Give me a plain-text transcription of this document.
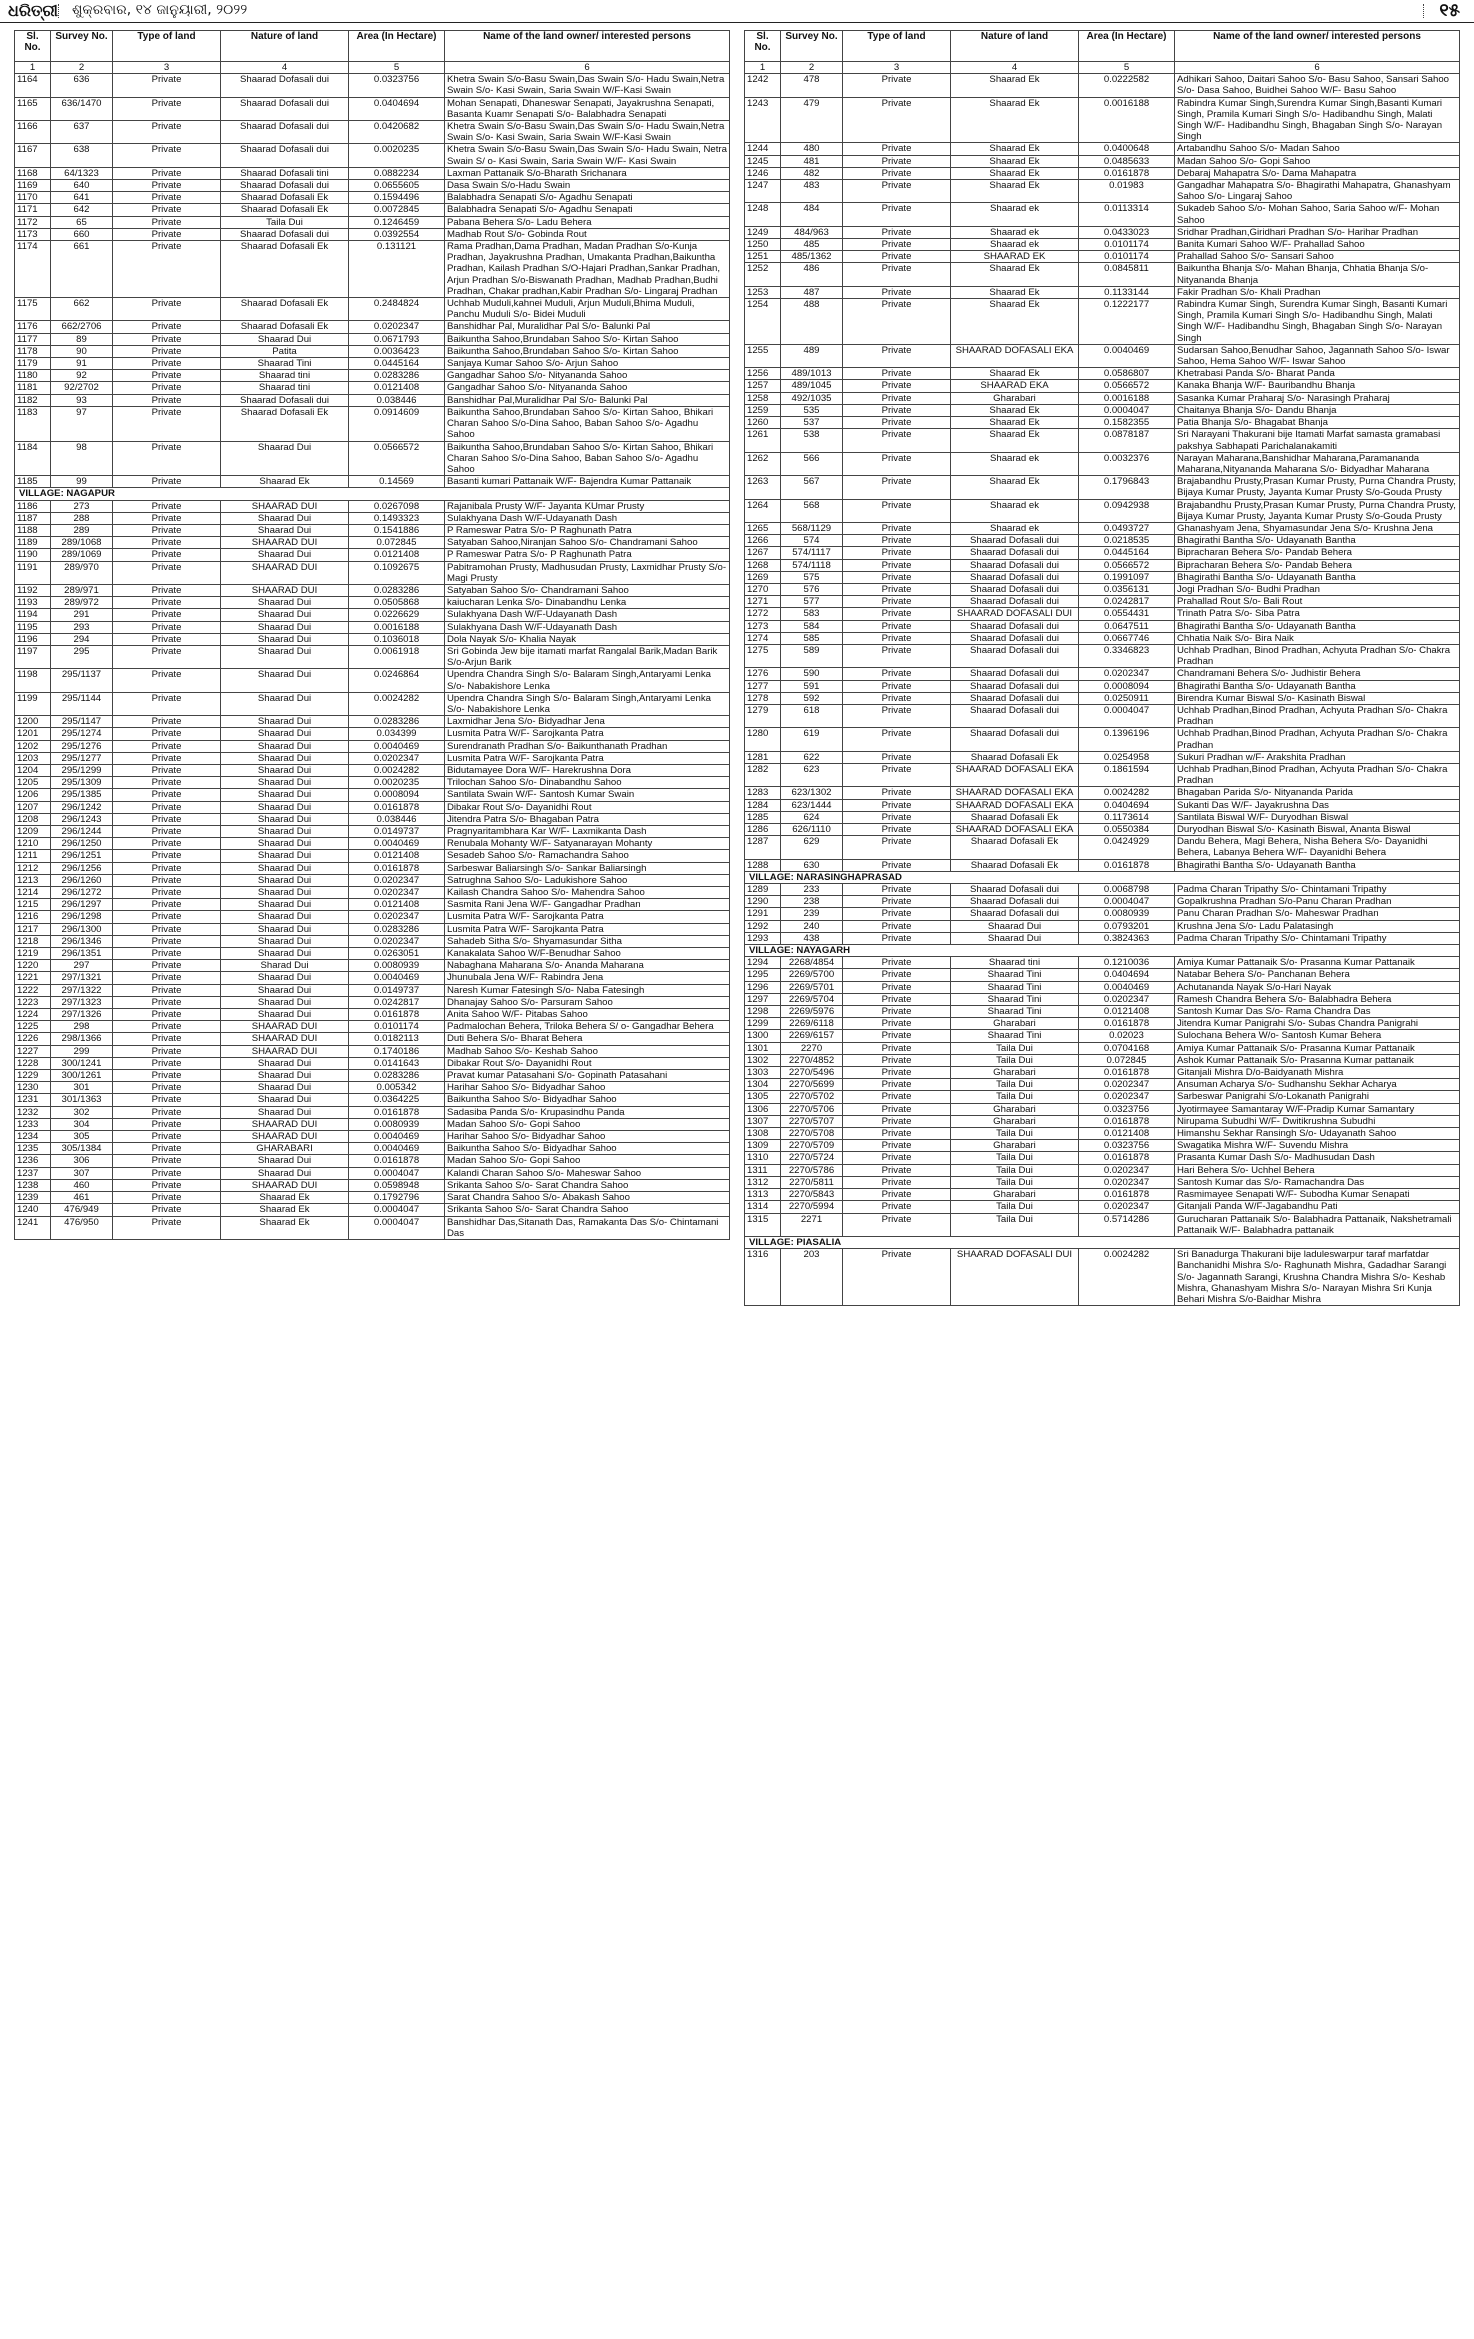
ଧରିତ୍ରୀ ଶୁକ୍ରବାର, ୧୪ ଜାନୁୟାରୀ, ୨୦୨୨	୧୫
Sl. No.	Survey No.	Type of land	Nature of land	Area (In Hectare)	Name of the land owner/ interested persons
1	2	3	4	5	6
1164	636	Private	Shaarad Dofasali dui	0.0323756	Khetra Swain S/o-Basu Swain,Das Swain S/o- Hadu Swain,Netra Swain S/o- Kasi Swain, Saria Swain W/F-Kasi Swain
1165	636/1470	Private	Shaarad Dofasali dui	0.0404694	Mohan Senapati, Dhaneswar Senapati, Jayakrushna Senapati, Basanta Kuamr Senapati S/o- Balabhadra Senapati
1166	637	Private	Shaarad Dofasali dui	0.0420682	Khetra Swain S/o-Basu Swain,Das Swain S/o- Hadu Swain,Netra Swain S/o- Kasi Swain, Saria Swain W/F-Kasi Swain
1167	638	Private	Shaarad Dofasali dui	0.0020235	Khetra Swain S/o-Basu Swain,Das Swain S/o- Hadu Swain, Netra Swain S/ o- Kasi Swain, Saria Swain W/F- Kasi Swain
1168	64/1323	Private	Shaarad Dofasali tini	0.0882234	Laxman Pattanaik S/o-Bharath Srichanara
1169	640	Private	Shaarad Dofasali dui	0.0655605	Dasa Swain S/o-Hadu Swain
1170	641	Private	Shaarad Dofasali Ek	0.1594496	Balabhadra Senapati S/o- Agadhu Senapati
1171	642	Private	Shaarad Dofasali Ek	0.0072845	Balabhadra Senapati S/o- Agadhu Senapati
1172	65	Private	Taila Dui	0.1246459	Pabana Behera S/o- Ladu Behera
1173	660	Private	Shaarad Dofasali dui	0.0392554	Madhab Rout S/o- Gobinda Rout
1174	661	Private	Shaarad Dofasali Ek	0.131121	Rama Pradhan,Dama Pradhan, Madan Pradhan S/o-Kunja Pradhan, Jayakrushna Pradhan, Umakanta Pradhan,Baikuntha Pradhan, Kailash Pradhan S/O-Hajari Pradhan,Sankar Pradhan, Arjun Pradhan S/o-Biswanath Pradhan, Madhab Pradhan,Budhi Pradhan, Chakar pradhan,Kabir Pradhan S/o- Lingaraj Pradhan
1175	662	Private	Shaarad Dofasali Ek	0.2484824	Uchhab Muduli,kahnei Muduli, Arjun Muduli,Bhima Muduli, Panchu Muduli S/o- Bidei Muduli
1176	662/2706	Private	Shaarad Dofasali Ek	0.0202347	Banshidhar Pal, Muralidhar Pal S/o- Balunki Pal
1177	89	Private	Shaarad Dui	0.0671793	Baikuntha Sahoo,Brundaban Sahoo S/o- Kirtan Sahoo
1178	90	Private	Patita	0.0036423	Baikuntha Sahoo,Brundaban Sahoo S/o- Kirtan Sahoo
1179	91	Private	Shaarad Tini	0.0445164	Sanjaya Kumar Sahoo S/o- Arjun Sahoo
1180	92	Private	Shaarad tini	0.0283286	Gangadhar Sahoo S/o- Nityananda Sahoo
1181	92/2702	Private	Shaarad tini	0.0121408	Gangadhar Sahoo S/o- Nityananda Sahoo
1182	93	Private	Shaarad Dofasali dui	0.038446	Banshidhar Pal,Muralidhar Pal S/o- Balunki Pal
1183	97	Private	Shaarad Dofasali Ek	0.0914609	Baikuntha Sahoo,Brundaban Sahoo S/o- Kirtan Sahoo, Bhikari Charan Sahoo S/o-Dina Sahoo, Baban Sahoo S/o- Agadhu Sahoo
1184	98	Private	Shaarad Dui	0.0566572	Baikuntha Sahoo,Brundaban Sahoo S/o- Kirtan Sahoo, Bhikari Charan Sahoo S/o-Dina Sahoo, Baban Sahoo S/o- Agadhu Sahoo
1185	99	Private	Shaarad Ek	0.14569	Basanti kumari Pattanaik W/F- Bajendra Kumar Pattanaik
VILLAGE: NAGAPUR					
1186	273	Private	SHAARAD DUI	0.0267098	Rajanibala Prusty W/F- Jayanta KUmar Prusty
1187	288	Private	Shaarad Dui	0.1493323	Sulakhyana Dash W/F-Udayanath Dash
1188	289	Private	Shaarad Dui	0.1541886	P Rameswar Patra S/o- P Raghunath Patra
1189	289/1068	Private	SHAARAD DUI	0.072845	Satyaban Sahoo,Niranjan Sahoo S/o- Chandramani Sahoo
1190	289/1069	Private	Shaarad Dui	0.0121408	P Rameswar Patra S/o- P Raghunath Patra
1191	289/970	Private	SHAARAD DUI	0.1092675	Pabitramohan Prusty, Madhusudan Prusty, Laxmidhar Prusty S/o- Magi Prusty
1192	289/971	Private	SHAARAD DUI	0.0283286	Satyaban Sahoo S/o- Chandramani Sahoo
1193	289/972	Private	Shaarad Dui	0.0505868	kaiucharan Lenka S/o- Dinabandhu Lenka
1194	291	Private	Shaarad Dui	0.0226629	Sulakhyana Dash W/F-Udayanath Dash
1195	293	Private	Shaarad Dui	0.0016188	Sulakhyana Dash W/F-Udayanath Dash
1196	294	Private	Shaarad Dui	0.1036018	Dola Nayak S/o- Khalia Nayak
1197	295	Private	Shaarad Dui	0.0061918	Sri Gobinda Jew bije itamati marfat Rangalal Barik,Madan Barik S/o-Arjun Barik
1198	295/1137	Private	Shaarad Dui	0.0246864	Upendra Chandra Singh S/o- Balaram Singh,Antaryami Lenka S/o- Nabakishore Lenka
1199	295/1144	Private	Shaarad Dui	0.0024282	Upendra Chandra Singh S/o- Balaram Singh,Antaryami Lenka S/o- Nabakishore Lenka
1200	295/1147	Private	Shaarad Dui	0.0283286	Laxmidhar Jena S/o- Bidyadhar Jena
1201	295/1274	Private	Shaarad Dui	0.034399	Lusmita Patra W/F- Sarojkanta Patra
1202	295/1276	Private	Shaarad Dui	0.0040469	Surendranath Pradhan S/o- Baikunthanath Pradhan
1203	295/1277	Private	Shaarad Dui	0.0202347	Lusmita Patra W/F- Sarojkanta Patra
1204	295/1299	Private	Shaarad Dui	0.0024282	Bidutamayee Dora W/F- Harekrushna Dora
1205	295/1309	Private	Shaarad Dui	0.0020235	Trilochan Sahoo S/o- Dinabandhu Sahoo
1206	295/1385	Private	Shaarad Dui	0.0008094	Santilata Swain W/F- Santosh Kumar Swain
1207	296/1242	Private	Shaarad Dui	0.0161878	Dibakar Rout S/o- Dayanidhi Rout
1208	296/1243	Private	Shaarad Dui	0.038446	Jitendra Patra S/o- Bhagaban Patra
1209	296/1244	Private	Shaarad Dui	0.0149737	Pragnyaritambhara Kar W/F- Laxmikanta Dash
1210	296/1250	Private	Shaarad Dui	0.0040469	Renubala Mohanty W/F- Satyanarayan Mohanty
1211	296/1251	Private	Shaarad Dui	0.0121408	Sesadeb Sahoo S/o- Ramachandra Sahoo
1212	296/1256	Private	Shaarad Dui	0.0161878	Sarbeswar Baliarsingh S/o- Sankar Baliarsingh
1213	296/1260	Private	Shaarad Dui	0.0202347	Satrughna Sahoo S/o- Ladukishore Sahoo
1214	296/1272	Private	Shaarad Dui	0.0202347	Kailash Chandra Sahoo S/o- Mahendra Sahoo
1215	296/1297	Private	Shaarad Dui	0.0121408	Sasmita Rani Jena W/F- Gangadhar Pradhan
1216	296/1298	Private	Shaarad Dui	0.0202347	Lusmita Patra W/F- Sarojkanta Patra
1217	296/1300	Private	Shaarad Dui	0.0283286	Lusmita Patra W/F- Sarojkanta Patra
1218	296/1346	Private	Shaarad Dui	0.0202347	Sahadeb Sitha S/o- Shyamasundar Sitha
1219	296/1351	Private	Shaarad Dui	0.0263051	Kanakalata Sahoo W/F-Benudhar Sahoo
1220	297	Private	Sharad Dui	0.0080939	Nabaghana Maharana S/o- Ananda Maharana
1221	297/1321	Private	Shaarad Dui	0.0040469	Jhunubala Jena W/F- Rabindra Jena
1222	297/1322	Private	Shaarad Dui	0.0149737	Naresh Kumar Fatesingh S/o- Naba Fatesingh
1223	297/1323	Private	Shaarad Dui	0.0242817	Dhanajay Sahoo S/o- Parsuram Sahoo
1224	297/1326	Private	Shaarad Dui	0.0161878	Anita Sahoo W/F- Pitabas Sahoo
1225	298	Private	SHAARAD DUI	0.0101174	Padmalochan Behera, Triloka Behera S/ o- Gangadhar Behera
1226	298/1366	Private	SHAARAD DUI	0.0182113	Duti Behera S/o- Bharat Behera
1227	299	Private	SHAARAD DUI	0.1740186	Madhab Sahoo S/o- Keshab Sahoo
1228	300/1241	Private	Shaarad Dui	0.0141643	Dibakar Rout S/o- Dayanidhi Rout
1229	300/1261	Private	Shaarad Dui	0.0283286	Pravat kumar Patasahani S/o- Gopinath Patasahani
1230	301	Private	Shaarad Dui	0.005342	Harihar Sahoo S/o- Bidyadhar Sahoo
1231	301/1363	Private	Shaarad Dui	0.0364225	Baikuntha Sahoo S/o- Bidyadhar Sahoo
1232	302	Private	Shaarad Dui	0.0161878	Sadasiba Panda S/o- Krupasindhu Panda
1233	304	Private	SHAARAD DUI	0.0080939	Madan Sahoo S/o- Gopi Sahoo
1234	305	Private	SHAARAD DUI	0.0040469	Harihar Sahoo S/o- Bidyadhar Sahoo
1235	305/1384	Private	GHARABARI	0.0040469	Baikuntha Sahoo S/o- Bidyadhar Sahoo
1236	306	Private	Shaarad Dui	0.0161878	Madan Sahoo S/o- Gopi Sahoo
1237	307	Private	Shaarad Dui	0.0004047	Kalandi Charan Sahoo S/o- Maheswar Sahoo
1238	460	Private	SHAARAD DUI	0.0598948	Srikanta Sahoo S/o- Sarat Chandra Sahoo
1239	461	Private	Shaarad Ek	0.1792796	Sarat Chandra Sahoo S/o- Abakash Sahoo
1240	476/949	Private	Shaarad Ek	0.0004047	Srikanta Sahoo S/o- Sarat Chandra Sahoo
1241	476/950	Private	Shaarad Ek	0.0004047	Banshidhar Das,Sitanath Das, Ramakanta Das S/o- Chintamani Das
Sl. No.	Survey No.	Type of land	Nature of land	Area (In Hectare)	Name of the land owner/ interested persons
1	2	3	4	5	6
1242	478	Private	Shaarad Ek	0.0222582	Adhikari Sahoo, Daitari Sahoo S/o- Basu Sahoo, Sansari Sahoo S/o- Dasa Sahoo, Buidhei Sahoo W/F- Basu Sahoo
1243	479	Private	Shaarad Ek	0.0016188	Rabindra Kumar Singh,Surendra Kumar Singh,Basanti Kumari Singh, Pramila Kumari Singh S/o- Hadibandhu Singh, Malati Singh W/F- Hadibandhu Singh, Bhagaban Singh S/o- Narayan Singh
1244	480	Private	Shaarad Ek	0.0400648	Artabandhu Sahoo S/o- Madan Sahoo
1245	481	Private	Shaarad Ek	0.0485633	Madan Sahoo S/o- Gopi Sahoo
1246	482	Private	Shaarad Ek	0.0161878	Debaraj Mahapatra S/o- Dama Mahapatra
1247	483	Private	Shaarad Ek	0.01983	Gangadhar Mahapatra S/o- Bhagirathi Mahapatra, Ghanashyam Sahoo S/o- Lingaraj Sahoo
1248	484	Private	Shaarad ek	0.0113314	Sukadeb Sahoo S/o- Mohan Sahoo, Saria Sahoo w/F- Mohan Sahoo
1249	484/963	Private	Shaarad ek	0.0433023	Sridhar Pradhan,Giridhari Pradhan S/o- Harihar Pradhan
1250	485	Private	Shaarad ek	0.0101174	Banita Kumari Sahoo W/F- Prahallad Sahoo
1251	485/1362	Private	SHAARAD EK	0.0101174	Prahallad Sahoo S/o- Sansari Sahoo
1252	486	Private	Shaarad Ek	0.0845811	Baikuntha Bhanja S/o- Mahan Bhanja, Chhatia Bhanja S/o- Nityananda Bhanja
1253	487	Private	Shaarad Ek	0.1133144	Fakir Pradhan S/o- Khali Pradhan
1254	488	Private	Shaarad Ek	0.1222177	Rabindra Kumar Singh, Surendra Kumar Singh, Basanti Kumari Singh, Pramila Kumari Singh S/o- Hadibandhu Singh, Malati Singh W/F- Hadibandhu Singh, Bhagaban Singh S/o- Narayan Singh
1255	489	Private	SHAARAD DOFASALI EKA	0.0040469	Sudarsan Sahoo,Benudhar Sahoo, Jagannath Sahoo S/o- Iswar Sahoo, Hema Sahoo W/F- Iswar Sahoo
1256	489/1013	Private	Shaarad Ek	0.0586807	Khetrabasi Panda S/o- Bharat Panda
1257	489/1045	Private	SHAARAD EKA	0.0566572	Kanaka Bhanja W/F- Bauribandhu Bhanja
1258	492/1035	Private	Gharabari	0.0016188	Sasanka Kumar Praharaj S/o- Narasingh Praharaj
1259	535	Private	Shaarad Ek	0.0004047	Chaitanya Bhanja S/o- Dandu Bhanja
1260	537	Private	Shaarad Ek	0.1582355	Patia Bhanja S/o- Bhagabat Bhanja
1261	538	Private	Shaarad Ek	0.0878187	Sri Narayani Thakurani bije Itamati Marfat samasta gramabasi pakshya Sabhapati Parichalanakamiti
1262	566	Private	Shaarad ek	0.0032376	Narayan Maharana,Banshidhar Maharana,Paramananda Maharana,Nityananda Maharana S/o- Bidyadhar Maharana
1263	567	Private	Shaarad Ek	0.1796843	Brajabandhu Prusty,Prasan Kumar Prusty, Purna Chandra Prusty, Bijaya Kumar Prusty, Jayanta Kumar Prusty S/o-Gouda Prusty
1264	568	Private	Shaarad ek	0.0942938	Brajabandhu Prusty,Prasan Kumar Prusty, Purna Chandra Prusty, Bijaya Kumar Prusty, Jayanta Kumar Prusty S/o-Gouda Prusty
1265	568/1129	Private	Shaarad ek	0.0493727	Ghanashyam Jena, Shyamasundar Jena S/o- Krushna Jena
1266	574	Private	Shaarad Dofasali dui	0.0218535	Bhagirathi Bantha S/o- Udayanath Bantha
1267	574/1117	Private	Shaarad Dofasali dui	0.0445164	Bipracharan Behera S/o- Pandab Behera
1268	574/1118	Private	Shaarad Dofasali dui	0.0566572	Bipracharan Behera S/o- Pandab Behera
1269	575	Private	Shaarad Dofasali dui	0.1991097	Bhagirathi Bantha S/o- Udayanath Bantha
1270	576	Private	Shaarad Dofasali dui	0.0356131	Jogi Pradhan S/o- Budhi Pradhan
1271	577	Private	Shaarad Dofasali dui	0.0242817	Prahallad Rout S/o- Bali Rout
1272	583	Private	SHAARAD DOFASALI DUI	0.0554431	Trinath Patra S/o- Siba Patra
1273	584	Private	Shaarad Dofasali dui	0.0647511	Bhagirathi Bantha S/o- Udayanath Bantha
1274	585	Private	Shaarad Dofasali dui	0.0667746	Chhatia Naik S/o- Bira Naik
1275	589	Private	Shaarad Dofasali dui	0.3346823	Uchhab Pradhan, Binod Pradhan, Achyuta Pradhan S/o- Chakra Pradhan
1276	590	Private	Shaarad Dofasali dui	0.0202347	Chandramani Behera S/o- Judhistir Behera
1277	591	Private	Shaarad Dofasali dui	0.0008094	Bhagirathi Bantha S/o- Udayanath Bantha
1278	592	Private	Shaarad Dofasali dui	0.0250911	Birendra Kumar Biswal S/o- Kasinath Biswal
1279	618	Private	Shaarad Dofasali dui	0.0004047	Uchhab Pradhan,Binod Pradhan, Achyuta Pradhan S/o- Chakra Pradhan
1280	619	Private	Shaarad Dofasali dui	0.1396196	Uchhab Pradhan,Binod Pradhan, Achyuta Pradhan S/o- Chakra Pradhan
1281	622	Private	Shaarad Dofasali Ek	0.0254958	Sukuri Pradhan w/F- Arakshita Pradhan
1282	623	Private	SHAARAD DOFASALI EKA	0.1861594	Uchhab Pradhan,Binod Pradhan, Achyuta Pradhan S/o- Chakra Pradhan
1283	623/1302	Private	SHAARAD DOFASALI EKA	0.0024282	Bhagaban Parida S/o- Nityananda Parida
1284	623/1444	Private	SHAARAD DOFASALI EKA	0.0404694	Sukanti Das W/F- Jayakrushna Das
1285	624	Private	Shaarad Dofasali Ek	0.1173614	Santilata Biswal W/F- Duryodhan Biswal
1286	626/1110	Private	SHAARAD DOFASALI EKA	0.0550384	Duryodhan Biswal S/o- Kasinath Biswal, Ananta Biswal
1287	629	Private	Shaarad Dofasali Ek	0.0424929	Dandu Behera, Magi Behera, Nisha Behera S/o- Dayanidhi Behera, Labanya Behera W/F- Dayanidhi Behera
1288	630	Private	Shaarad Dofasali Ek	0.0161878	Bhagirathi Bantha S/o- Udayanath Bantha
VILLAGE: NARASINGHAPRASAD					
1289	233	Private	Shaarad Dofasali dui	0.0068798	Padma Charan Tripathy S/o- Chintamani Tripathy
1290	238	Private	Shaarad Dofasali dui	0.0004047	Gopalkrushna Pradhan S/o-Panu Charan Pradhan
1291	239	Private	Shaarad Dofasali dui	0.0080939	Panu Charan Pradhan S/o- Maheswar Pradhan
1292	240	Private	Shaarad Dui	0.0793201	Krushna Jena S/o- Ladu Palatasingh
1293	438	Private	Shaarad Dui	0.3824363	Padma Charan Tripathy S/o- Chintamani Tripathy
VILLAGE: NAYAGARH					
1294	2268/4854	Private	Shaarad tini	0.1210036	Amiya Kumar Pattanaik S/o- Prasanna Kumar Pattanaik
1295	2269/5700	Private	Shaarad Tini	0.0404694	Natabar Behera S/o- Panchanan Behera
1296	2269/5701	Private	Shaarad Tini	0.0040469	Achutananda Nayak S/o-Hari Nayak
1297	2269/5704	Private	Shaarad Tini	0.0202347	Ramesh Chandra Behera S/o- Balabhadra Behera
1298	2269/5976	Private	Shaarad Tini	0.0121408	Santosh Kumar Das S/o- Rama Chandra Das
1299	2269/6118	Private	Gharabari	0.0161878	Jitendra Kumar Panigrahi S/o- Subas Chandra Panigrahi
1300	2269/6157	Private	Shaarad Tini	0.02023	Sulochana Behera W/o- Santosh Kumar Behera
1301	2270	Private	Taila Dui	0.0704168	Amiya Kumar Pattanaik S/o- Prasanna Kumar Pattanaik
1302	2270/4852	Private	Taila Dui	0.072845	Ashok Kumar Pattanaik S/o- Prasanna Kumar pattanaik
1303	2270/5496	Private	Gharabari	0.0161878	Gitanjali Mishra D/o-Baidyanath Mishra
1304	2270/5699	Private	Taila Dui	0.0202347	Ansuman Acharya S/o- Sudhanshu Sekhar Acharya
1305	2270/5702	Private	Taila Dui	0.0202347	Sarbeswar Panigrahi S/o-Lokanath Panigrahi
1306	2270/5706	Private	Gharabari	0.0323756	Jyotirmayee Samantaray W/F-Pradip Kumar Samantary
1307	2270/5707	Private	Gharabari	0.0161878	Nirupama Subudhi W/F- Dwitikrushna Subudhi
1308	2270/5708	Private	Taila Dui	0.0121408	Himanshu Sekhar Ransingh S/o- Udayanath Sahoo
1309	2270/5709	Private	Gharabari	0.0323756	Swagatika Mishra W/F- Suvendu Mishra
1310	2270/5724	Private	Taila Dui	0.0161878	Prasanta Kumar Dash S/o- Madhusudan Dash
1311	2270/5786	Private	Taila Dui	0.0202347	Hari Behera S/o- Uchhel Behera
1312	2270/5811	Private	Taila Dui	0.0202347	Santosh Kumar das S/o- Ramachandra Das
1313	2270/5843	Private	Gharabari	0.0161878	Rasmimayee Senapati W/F- Subodha Kumar Senapati
1314	2270/5994	Private	Taila Dui	0.0202347	Gitanjali Panda W/F-Jagabandhu Pati
1315	2271	Private	Taila Dui	0.5714286	Gurucharan Pattanaik S/o- Balabhadra Pattanaik, Nakshetramali Pattanaik W/F- Balabhadra pattanaik
VILLAGE: PIASALIA					
1316	203	Private	SHAARAD DOFASALI DUI	0.0024282	Sri Banadurga Thakurani bije laduleswarpur taraf marfatdar Banchanidhi Mishra S/o- Raghunath Mishra, Gadadhar Sarangi S/o- Jagannath Sarangi, Krushna Chandra Mishra S/o- Keshab Mishra, Ghanashyam Mishra S/o- Narayan Mishra Sri Kunja Behari Mishra S/o-Baidhar Mishra
